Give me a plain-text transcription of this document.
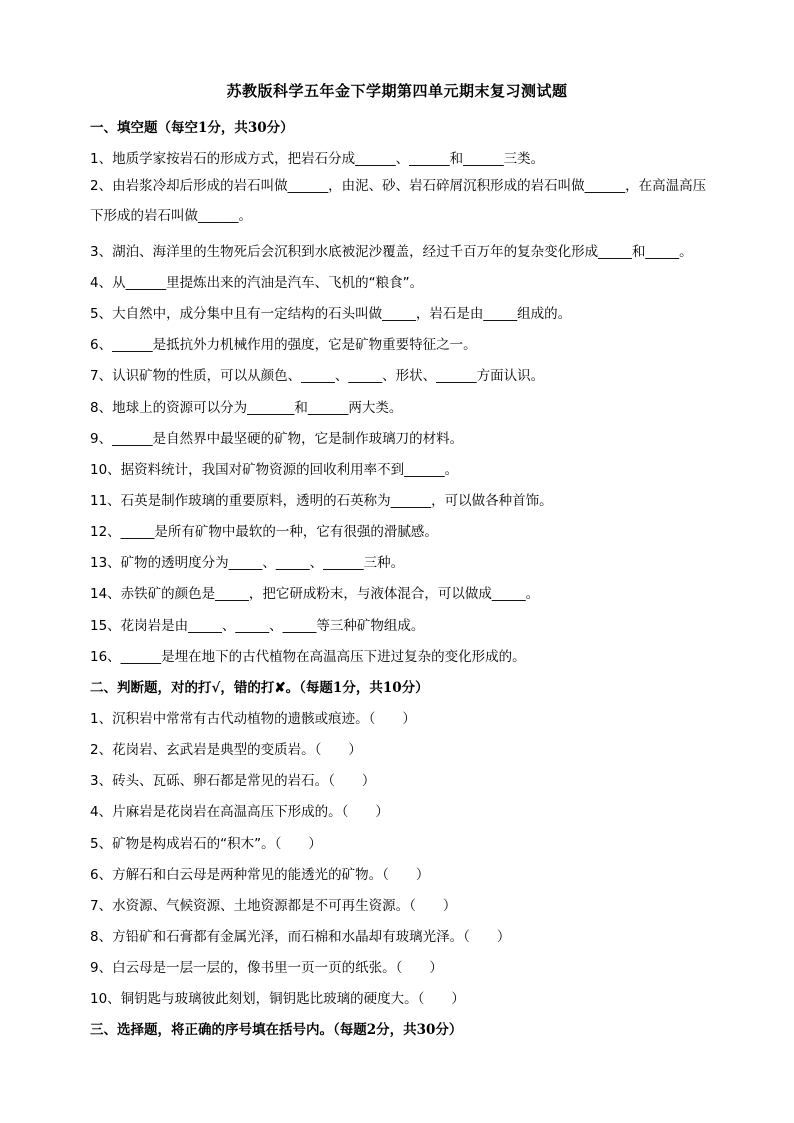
苏教版科学五年金下学期第四单元期末复习测试题
一、填空题（每空1分，共30分）
1、地质学家按岩石的形成方式，把岩石分成______、______和______三类。
2、由岩浆冷却后形成的岩石叫做______，由泥、砂、岩石碎屑沉积形成的岩石叫做______，在高温高压下形成的岩石叫做______。
3、湖泊、海洋里的生物死后会沉积到水底被泥沙覆盖，经过千百万年的复杂变化形成_____和_____。
4、从______里提炼出来的汽油是汽车、飞机的“粮食”。
5、大自然中，成分集中且有一定结构的石头叫做_____，岩石是由_____组成的。
6、______是抵抗外力机械作用的强度，它是矿物重要特征之一。
7、认识矿物的性质，可以从颜色、_____、_____、形状、______方面认识。
8、地球上的资源可以分为_______和______两大类。
9、______是自然界中最坚硬的矿物，它是制作玻璃刀的材料。
10、据资料统计，我国对矿物资源的回收利用率不到______。
11、石英是制作玻璃的重要原料，透明的石英称为______，可以做各种首饰。
12、_____是所有矿物中最软的一种，它有很强的滑腻感。
13、矿物的透明度分为_____、_____、______三种。
14、赤铁矿的颜色是_____，把它研成粉末，与液体混合，可以做成_____。
15、花岗岩是由_____、_____、_____等三种矿物组成。
16、______是埋在地下的古代植物在高温高压下进过复杂的变化形成的。
二、判断题，对的打√，错的打✘。（每题1分，共10分）
1、沉积岩中常常有古代动植物的遗骸或痕迹。（　　）
2、花岗岩、玄武岩是典型的变质岩。（　　）
3、砖头、瓦砾、卵石都是常见的岩石。（　　）
4、片麻岩是花岗岩在高温高压下形成的。（　　）
5、矿物是构成岩石的“积木”。（　　）
6、方解石和白云母是两种常见的能透光的矿物。（　　）
7、水资源、气候资源、土地资源都是不可再生资源。（　　）
8、方铅矿和石膏都有金属光泽，而石棉和水晶却有玻璃光泽。（　　）
9、白云母是一层一层的，像书里一页一页的纸张。（　　）
10、铜钥匙与玻璃彼此刻划，铜钥匙比玻璃的硬度大。（　　）
三、选择题，将正确的序号填在括号内。（每题2分，共30分）
